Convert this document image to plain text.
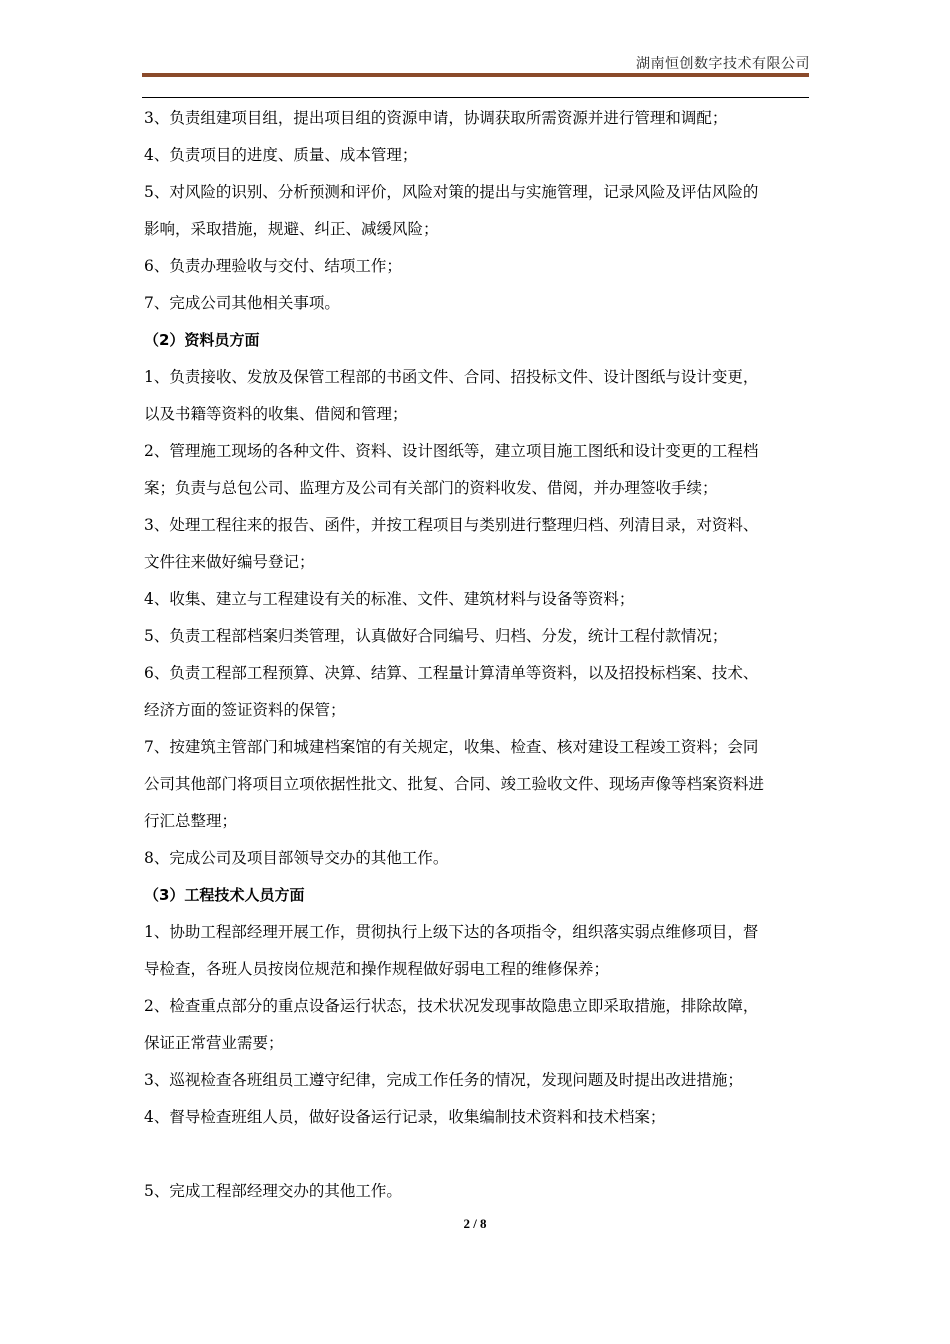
湖南恒创数字技术有限公司
3、负责组建项目组，提出项目组的资源申请，协调获取所需资源并进行管理和调配；
4、负责项目的进度、质量、成本管理；
5、对风险的识别、分析预测和评价，风险对策的提出与实施管理，记录风险及评估风险的
影响，采取措施，规避、纠正、减缓风险；
6、负责办理验收与交付、结项工作；
7、完成公司其他相关事项。
（2）资料员方面
1、负责接收、发放及保管工程部的书函文件、合同、招投标文件、设计图纸与设计变更，
以及书籍等资料的收集、借阅和管理；
2、管理施工现场的各种文件、资料、设计图纸等，建立项目施工图纸和设计变更的工程档
案；负责与总包公司、监理方及公司有关部门的资料收发、借阅，并办理签收手续；
3、处理工程往来的报告、函件，并按工程项目与类别进行整理归档、列清目录，对资料、
文件往来做好编号登记；
4、收集、建立与工程建设有关的标准、文件、建筑材料与设备等资料；
5、负责工程部档案归类管理，认真做好合同编号、归档、分发，统计工程付款情况；
6、负责工程部工程预算、决算、结算、工程量计算清单等资料，以及招投标档案、技术、
经济方面的签证资料的保管；
7、按建筑主管部门和城建档案馆的有关规定，收集、检查、核对建设工程竣工资料；会同
公司其他部门将项目立项依据性批文、批复、合同、竣工验收文件、现场声像等档案资料进
行汇总整理；
8、完成公司及项目部领导交办的其他工作。
（3）工程技术人员方面
1、协助工程部经理开展工作，贯彻执行上级下达的各项指令，组织落实弱点维修项目，督
导检查，各班人员按岗位规范和操作规程做好弱电工程的维修保养；
2、检查重点部分的重点设备运行状态，技术状况发现事故隐患立即采取措施，排除故障，
保证正常营业需要；
3、巡视检查各班组员工遵守纪律，完成工作任务的情况，发现问题及时提出改进措施；
4、督导检查班组人员，做好设备运行记录，收集编制技术资料和技术档案；
5、完成工程部经理交办的其他工作。
2 / 8
